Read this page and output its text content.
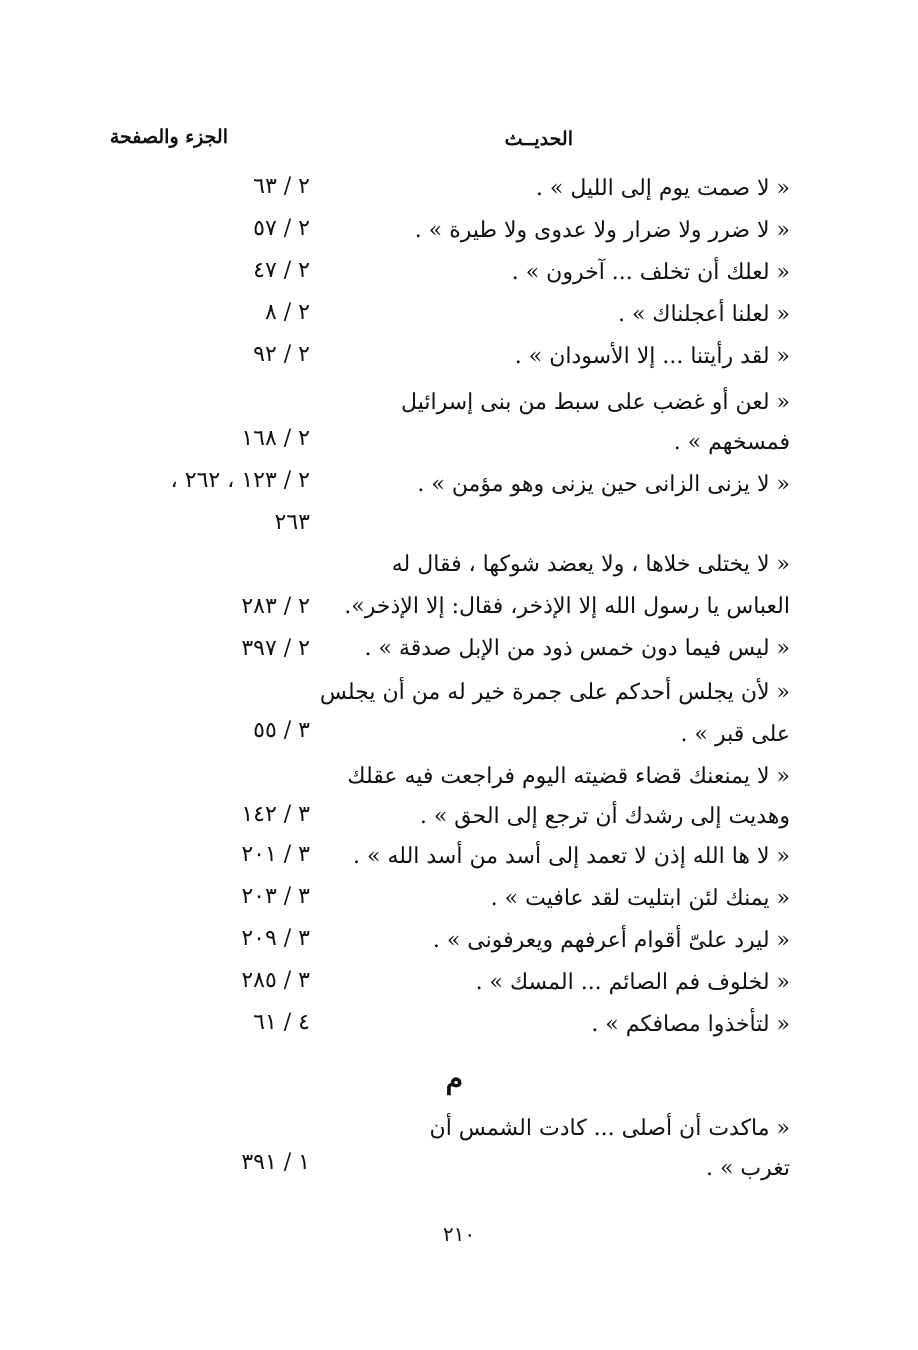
الحديــث
الجزء والصفحة
« لا صمت يوم إلى الليل » .
« لا ضرر ولا ضرار ولا عدوى ولا طيرة » .
« لعلك أن تخلف ... آخرون » .
« لعلنا أعجلناك » .
« لقد رأيتنا ... إلا الأسودان » .
« لعن أو غضب على سبط من بنى إسرائيل
فمسخهم » .
« لا يزنى الزانى حين يزنى وهو مؤمن » .
« لا يختلى خلاها ، ولا يعضد شوكها ، فقال له
العباس يا رسول الله إلا الإذخر، فقال: إلا الإذخر».
« ليس فيما دون خمس ذود من الإبل صدقة » .
« لأن يجلس أحدكم على جمرة خير له من أن يجلس
على قبر » .
« لا يمنعنك قضاء قضيته اليوم فراجعت فيه عقلك
وهديت إلى رشدك أن ترجع إلى الحق » .
« لا ها الله إذن لا تعمد إلى أسد من أسد الله » .
« يمنك لئن ابتليت لقد عافيت » .
« ليرد علىّ أقوام أعرفهم ويعرفونى » .
« لخلوف فم الصائم ... المسك » .
« لتأخذوا مصافكم » .
م
« ماكدت أن أصلى ... كادت الشمس أن
تغرب » .
٢ / ٦٣
٢ / ٥٧
٢ / ٤٧
٢ / ٨
٢ / ٩٢
٢ / ١٦٨
٢ / ١٢٣ ، ٢٦٢ ،
٢٦٣
٢ / ٢٨٣
٢ / ٣٩٧
٣ / ٥٥
٣ / ١٤٢
٣ / ٢٠١
٣ / ٢٠٣
٣ / ٢٠٩
٣ / ٢٨٥
٤ / ٦١
١ / ٣٩١
٢١٠
